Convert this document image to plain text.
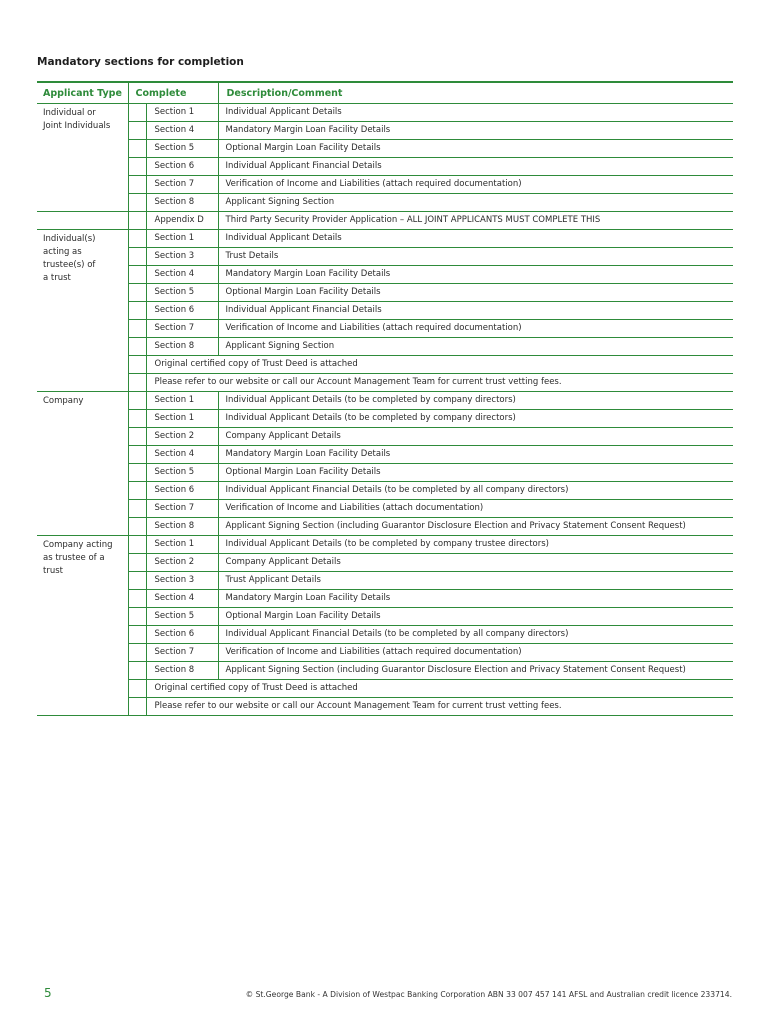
Mandatory sections for completion
Applicant Type	Complete		Description/Comment

Individual or
Joint Individuals		Section 1	Individual Applicant Details
		Section 4	Mandatory Margin Loan Facility Details
		Section 5	Optional Margin Loan Facility Details
		Section 6	Individual Applicant Financial Details
		Section 7	Verification of Income and Liabilities (attach required documentation)
		Section 8	Applicant Signing Section
		Appendix D	Third Party Security Provider Application – ALL JOINT APPLICANTS MUST COMPLETE THIS

Individual(s)
acting as
trustee(s) of
a trust		Section 1	Individual Applicant Details
		Section 3	Trust Details
		Section 4	Mandatory Margin Loan Facility Details
		Section 5	Optional Margin Loan Facility Details
		Section 6	Individual Applicant Financial Details
		Section 7	Verification of Income and Liabilities (attach required documentation)
		Section 8	Applicant Signing Section
		Original certified copy of Trust Deed is attached	
		Please refer to our website or call our Account Management Team for current trust vetting fees.	

Company		Section 1	Individual Applicant Details (to be completed by company directors)
		Section 1	Individual Applicant Details (to be completed by company directors)
		Section 2	Company Applicant Details
		Section 4	Mandatory Margin Loan Facility Details
		Section 5	Optional Margin Loan Facility Details
		Section 6	Individual Applicant Financial Details (to be completed by all company directors)
		Section 7	Verification of Income and Liabilities (attach documentation)
		Section 8	Applicant Signing Section (including Guarantor Disclosure Election and Privacy Statement Consent Request)

Company acting
as trustee of a
trust		Section 1	Individual Applicant Details (to be completed by company trustee directors)
		Section 2	Company Applicant Details
		Section 3	Trust Applicant Details
		Section 4	Mandatory Margin Loan Facility Details
		Section 5	Optional Margin Loan Facility Details
		Section 6	Individual Applicant Financial Details (to be completed by all company directors)
		Section 7	Verification of Income and Liabilities (attach required documentation)
		Section 8	Applicant Signing Section (including Guarantor Disclosure Election and Privacy Statement Consent Request)
		Original certified copy of Trust Deed is attached	
		Please refer to our website or call our Account Management Team for current trust vetting fees.	
5	© St.George Bank - A Division of Westpac Banking Corporation ABN 33 007 457 141 AFSL and Australian credit licence 233714.
